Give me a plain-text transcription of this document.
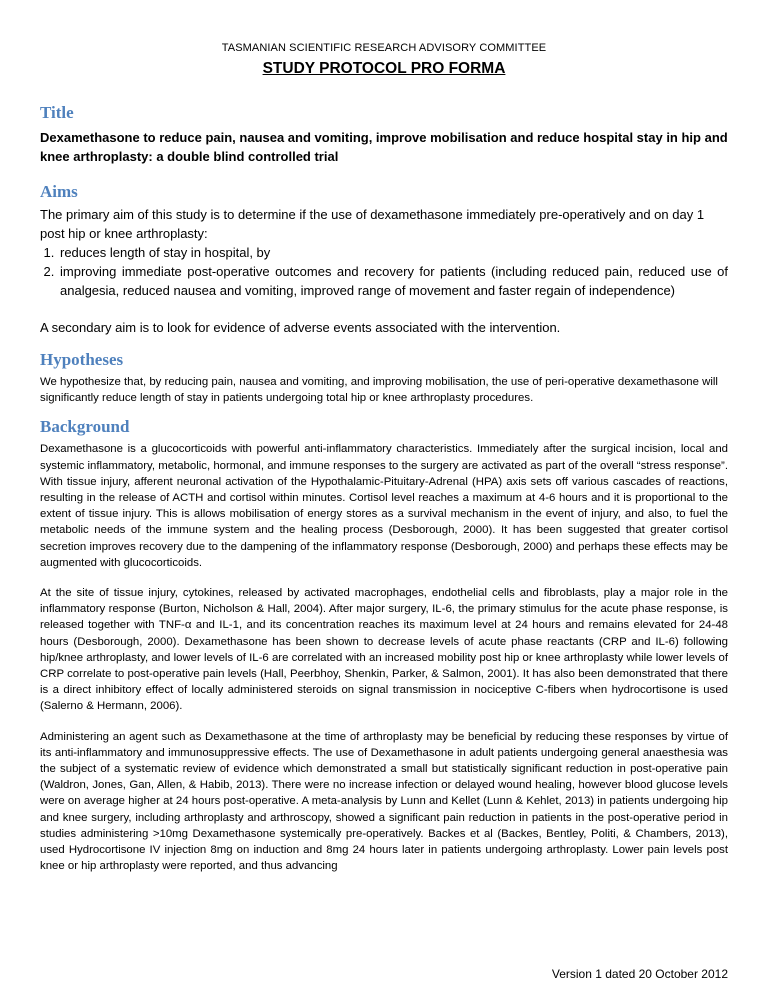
TASMANIAN SCIENTIFIC RESEARCH ADVISORY COMMITTEE
STUDY PROTOCOL PRO FORMA
Title

Dexamethasone to reduce pain, nausea and vomiting, improve mobilisation and reduce hospital stay in hip and knee arthroplasty: a double blind controlled trial

Aims

The primary aim of this study is to determine if the use of dexamethasone immediately pre-operatively and on day 1 post hip or knee arthroplasty:

1. reduces length of stay in hospital, by
2. improving immediate post-operative outcomes and recovery for patients (including reduced pain, reduced use of analgesia, reduced nausea and vomiting, improved range of movement and faster regain of independence)

A secondary aim is to look for evidence of adverse events associated with the intervention.

Hypotheses

We hypothesize that, by reducing pain, nausea and vomiting, and improving mobilisation, the use of peri-operative dexamethasone will significantly reduce length of stay in patients undergoing total hip or knee arthroplasty procedures.

Background

Dexamethasone is a glucocorticoids with powerful anti-inflammatory characteristics. Immediately after the surgical incision, local and systemic inflammatory, metabolic, hormonal, and immune responses to the surgery are activated as part of the overall “stress response”. With tissue injury, afferent neuronal activation of the Hypothalamic-Pituitary-Adrenal (HPA) axis sets off various cascades of reactions, resulting in the release of ACTH and cortisol within minutes. Cortisol level reaches a maximum at 4-6 hours and it is proportional to the extent of tissue injury. This is allows mobilisation of energy stores as a survival mechanism in the event of injury, and also, to fuel the metabolic needs of the immune system and the healing process (Desborough, 2000). It has been suggested that greater cortisol secretion improves recovery due to the dampening of the inflammatory response (Desborough, 2000) and perhaps these effects may be augmented with glucocorticoids.

At the site of tissue injury, cytokines, released by activated macrophages, endothelial cells and fibroblasts, play a major role in the inflammatory response (Burton, Nicholson & Hall, 2004). After major surgery, IL-6, the primary stimulus for the acute phase response, is released together with TNF-α and IL-1, and its concentration reaches its maximum level at 24 hours and remains elevated for 24-48 hours (Desborough, 2000). Dexamethasone has been shown to decrease levels of acute phase reactants (CRP and IL-6) following hip/knee arthroplasty, and lower levels of IL-6 are correlated with an increased mobility post hip or knee arthroplasty while lower levels of CRP correlate to post-operative pain levels (Hall, Peerbhoy, Shenkin, Parker, & Salmon, 2001). It has also been demonstrated that there is a direct inhibitory effect of locally administered steroids on signal transmission in nociceptive C-fibers when hydrocortisone is used (Salerno & Hermann, 2006).

Administering an agent such as Dexamethasone at the time of arthroplasty may be beneficial by reducing these responses by virtue of its anti-inflammatory and immunosuppressive effects. The use of Dexamethasone in adult patients undergoing general anaesthesia was the subject of a systematic review of evidence which demonstrated a small but statistically significant reduction in post-operative pain (Waldron, Jones, Gan, Allen, & Habib, 2013). There were no increase infection or delayed wound healing, however blood glucose levels were on average higher at 24 hours post-operative. A meta-analysis by Lunn and Kellet (Lunn & Kehlet, 2013) in patients undergoing hip and knee surgery, including arthroplasty and arthroscopy, showed a significant pain reduction in patients in the post-operative period in studies administering >10mg Dexamethasone systemically pre-operatively. Backes et al (Backes, Bentley, Politi, & Chambers, 2013), used Hydrocortisone IV injection 8mg on induction and 8mg 24 hours later in patients undergoing arthroplasty. Lower pain levels post knee or hip arthroplasty were reported, and thus advancing

Version 1 dated 20 October 2012
